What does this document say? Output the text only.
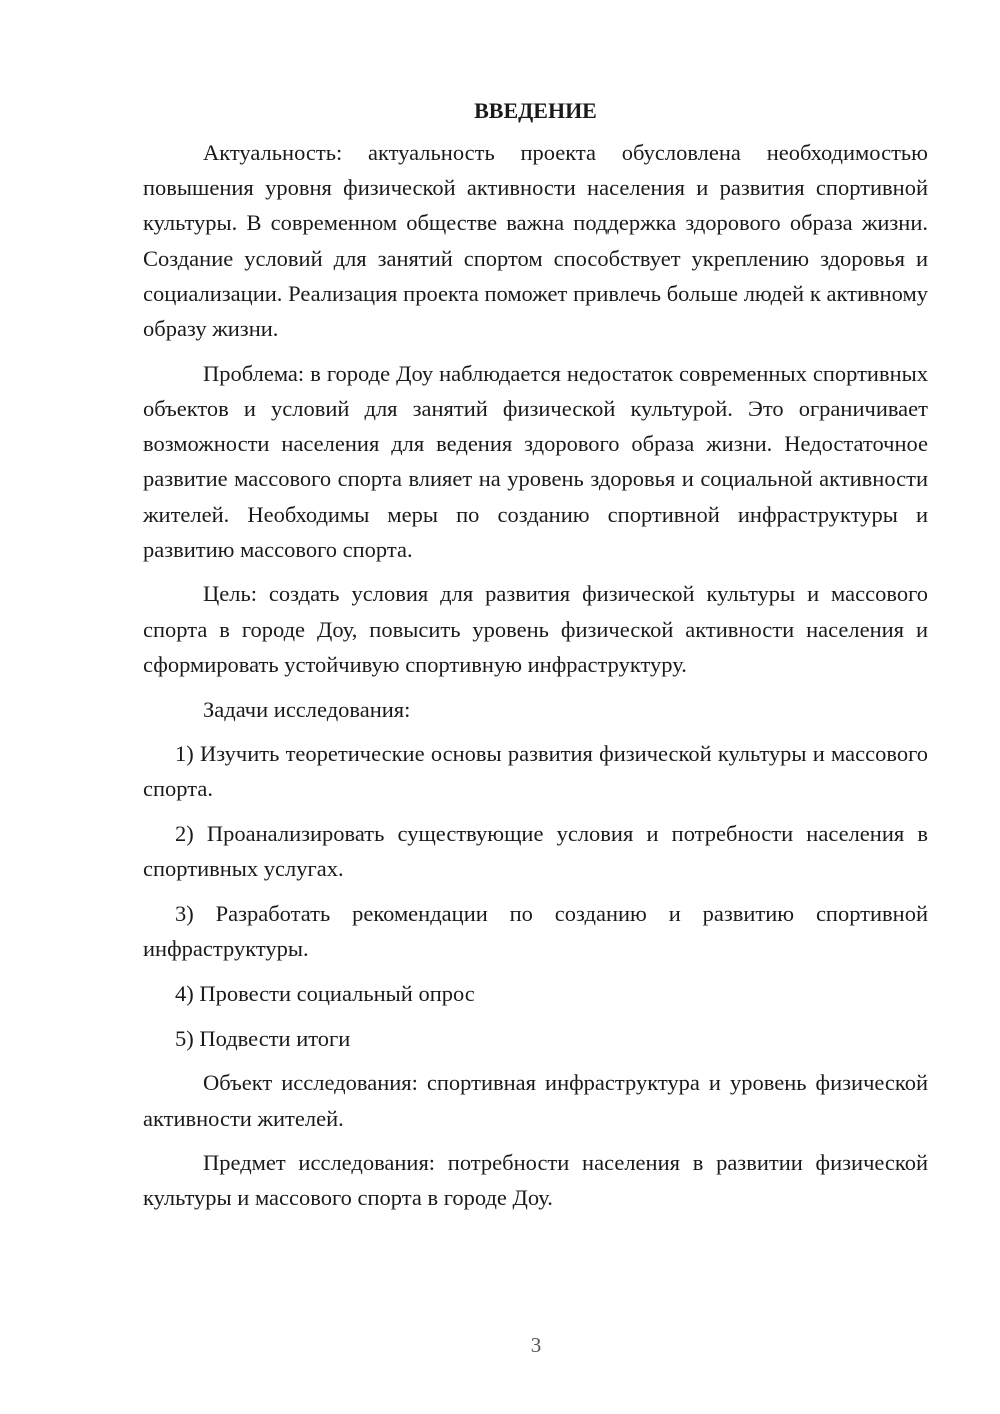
ВВЕДЕНИЕ

Актуальность: актуальность проекта обусловлена необходимостью повышения уровня физической активности населения и развития спортивной культуры. В современном обществе важна поддержка здорового образа жизни. Создание условий для занятий спортом способствует укреплению здоровья и социализации. Реализация проекта поможет привлечь больше людей к активному образу жизни.

Проблема: в городе Доу наблюдается недостаток современных спортивных объектов и условий для занятий физической культурой. Это ограничивает возможности населения для ведения здорового образа жизни. Недостаточное развитие массового спорта влияет на уровень здоровья и социальной активности жителей. Необходимы меры по созданию спортивной инфраструктуры и развитию массового спорта.

Цель: создать условия для развития физической культуры и массового спорта в городе Доу, повысить уровень физической активности населения и сформировать устойчивую спортивную инфраструктуру.

Задачи исследования:

1) Изучить теоретические основы развития физической культуры и массового спорта.

2) Проанализировать существующие условия и потребности населения в спортивных услугах.

3) Разработать рекомендации по созданию и развитию спортивной инфраструктуры.

4) Провести социальный опрос

5) Подвести итоги

Объект исследования: спортивная инфраструктура и уровень физической активности жителей.

Предмет исследования: потребности населения в развитии физической культуры и массового спорта в городе Доу.

3
